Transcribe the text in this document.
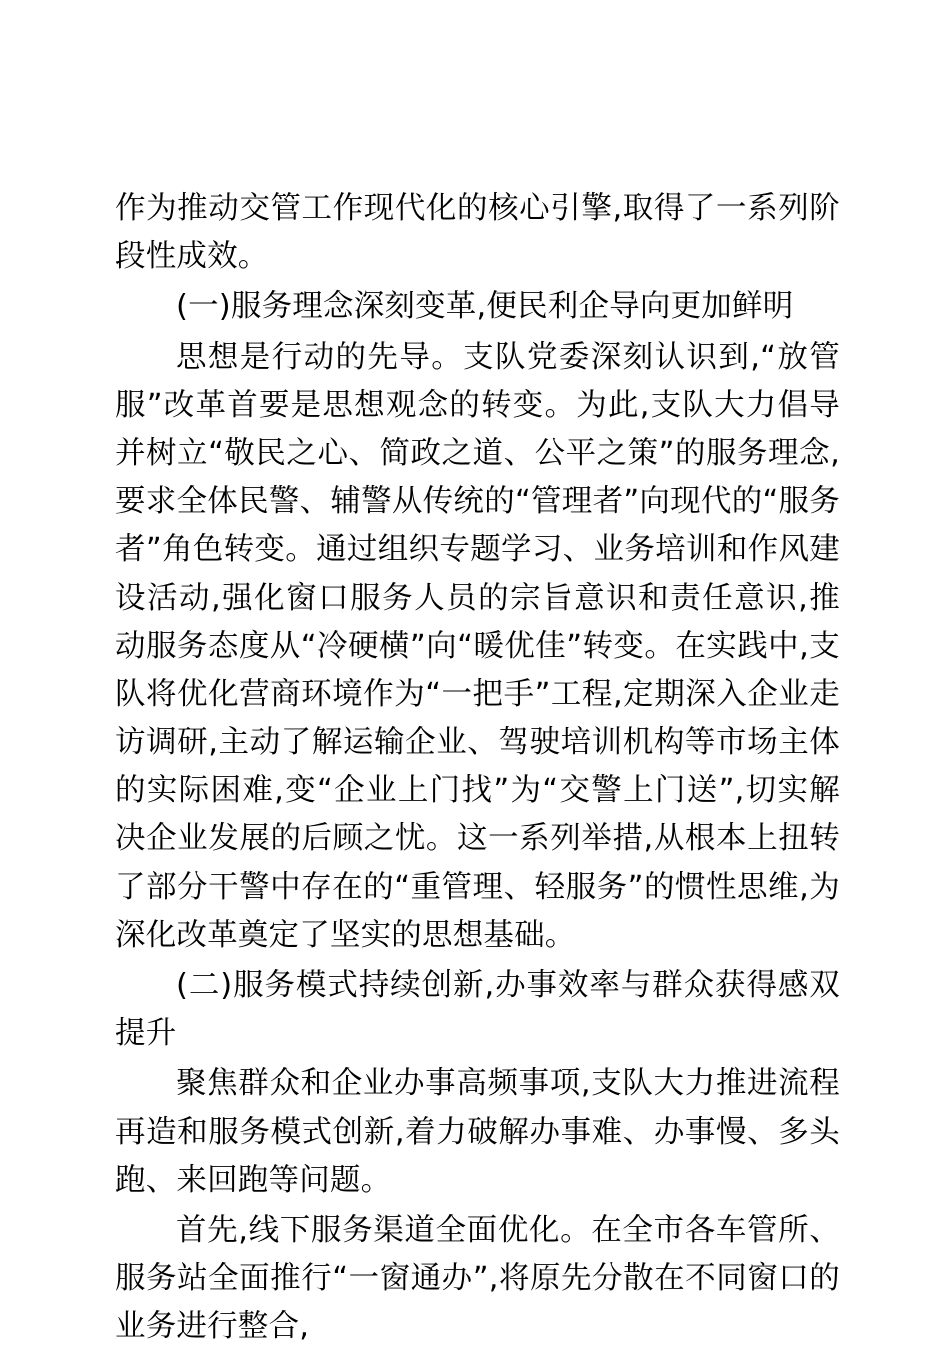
作为推动交管工作现代化的核心引擎,取得了一系列阶段性成效。

(一)服务理念深刻变革,便民利企导向更加鲜明

思想是行动的先导。支队党委深刻认识到,“放管服”改革首要是思想观念的转变。为此,支队大力倡导并树立“敬民之心、简政之道、公平之策”的服务理念,要求全体民警、辅警从传统的“管理者”向现代的“服务者”角色转变。通过组织专题学习、业务培训和作风建设活动,强化窗口服务人员的宗旨意识和责任意识,推动服务态度从“冷硬横”向“暖优佳”转变。在实践中,支队将优化营商环境作为“一把手”工程,定期深入企业走访调研,主动了解运输企业、驾驶培训机构等市场主体的实际困难,变“企业上门找”为“交警上门送”,切实解决企业发展的后顾之忧。这一系列举措,从根本上扭转了部分干警中存在的“重管理、轻服务”的惯性思维,为深化改革奠定了坚实的思想基础。

(二)服务模式持续创新,办事效率与群众获得感双提升

聚焦群众和企业办事高频事项,支队大力推进流程再造和服务模式创新,着力破解办事难、办事慢、多头跑、来回跑等问题。

首先,线下服务渠道全面优化。在全市各车管所、服务站全面推行“一窗通办”,将原先分散在不同窗口的业务进行整合,
